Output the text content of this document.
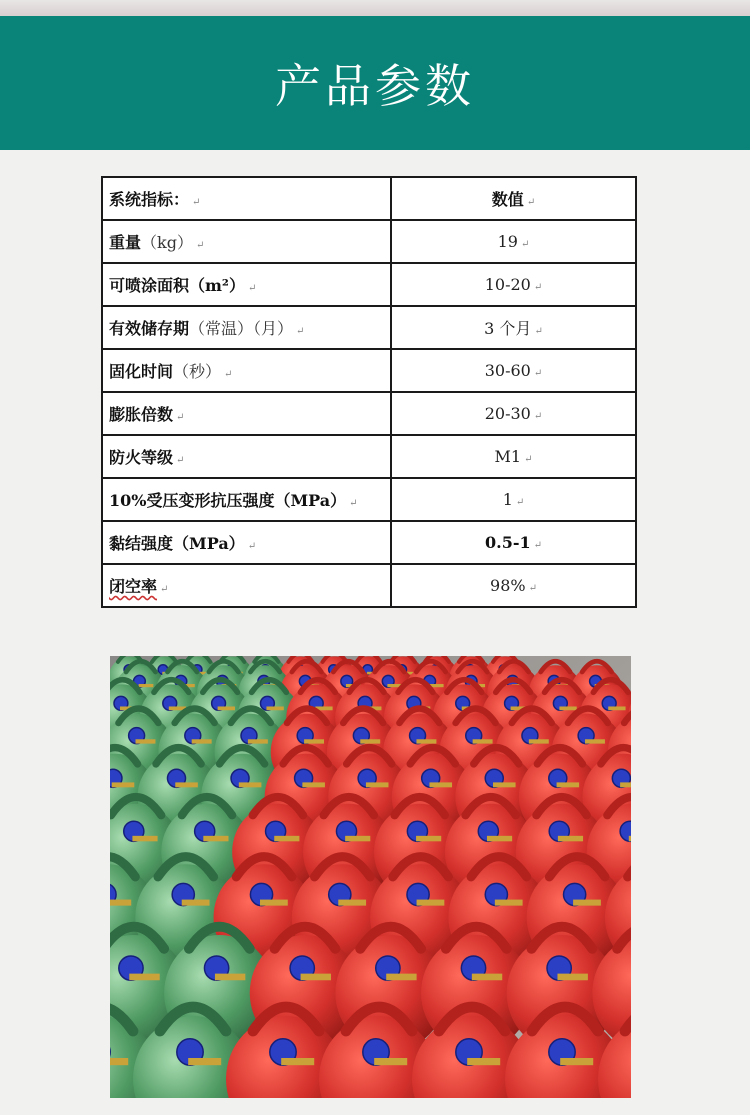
产品参数
系统指标： ↵	数值 ↵
重量（kg） ↵	19 ↵
可喷涂面积（m²） ↵	10-20 ↵
有效储存期（常温）（月） ↵	3 个月 ↵
固化时间（秒） ↵	30-60 ↵
膨胀倍数 ↵	20-30 ↵
防火等级 ↵	M1 ↵
10%受压变形抗压强度（MPa） ↵	1 ↵
黏结强度（MPa） ↵	0.5-1 ↵
闭空率 ↵	98% ↵
